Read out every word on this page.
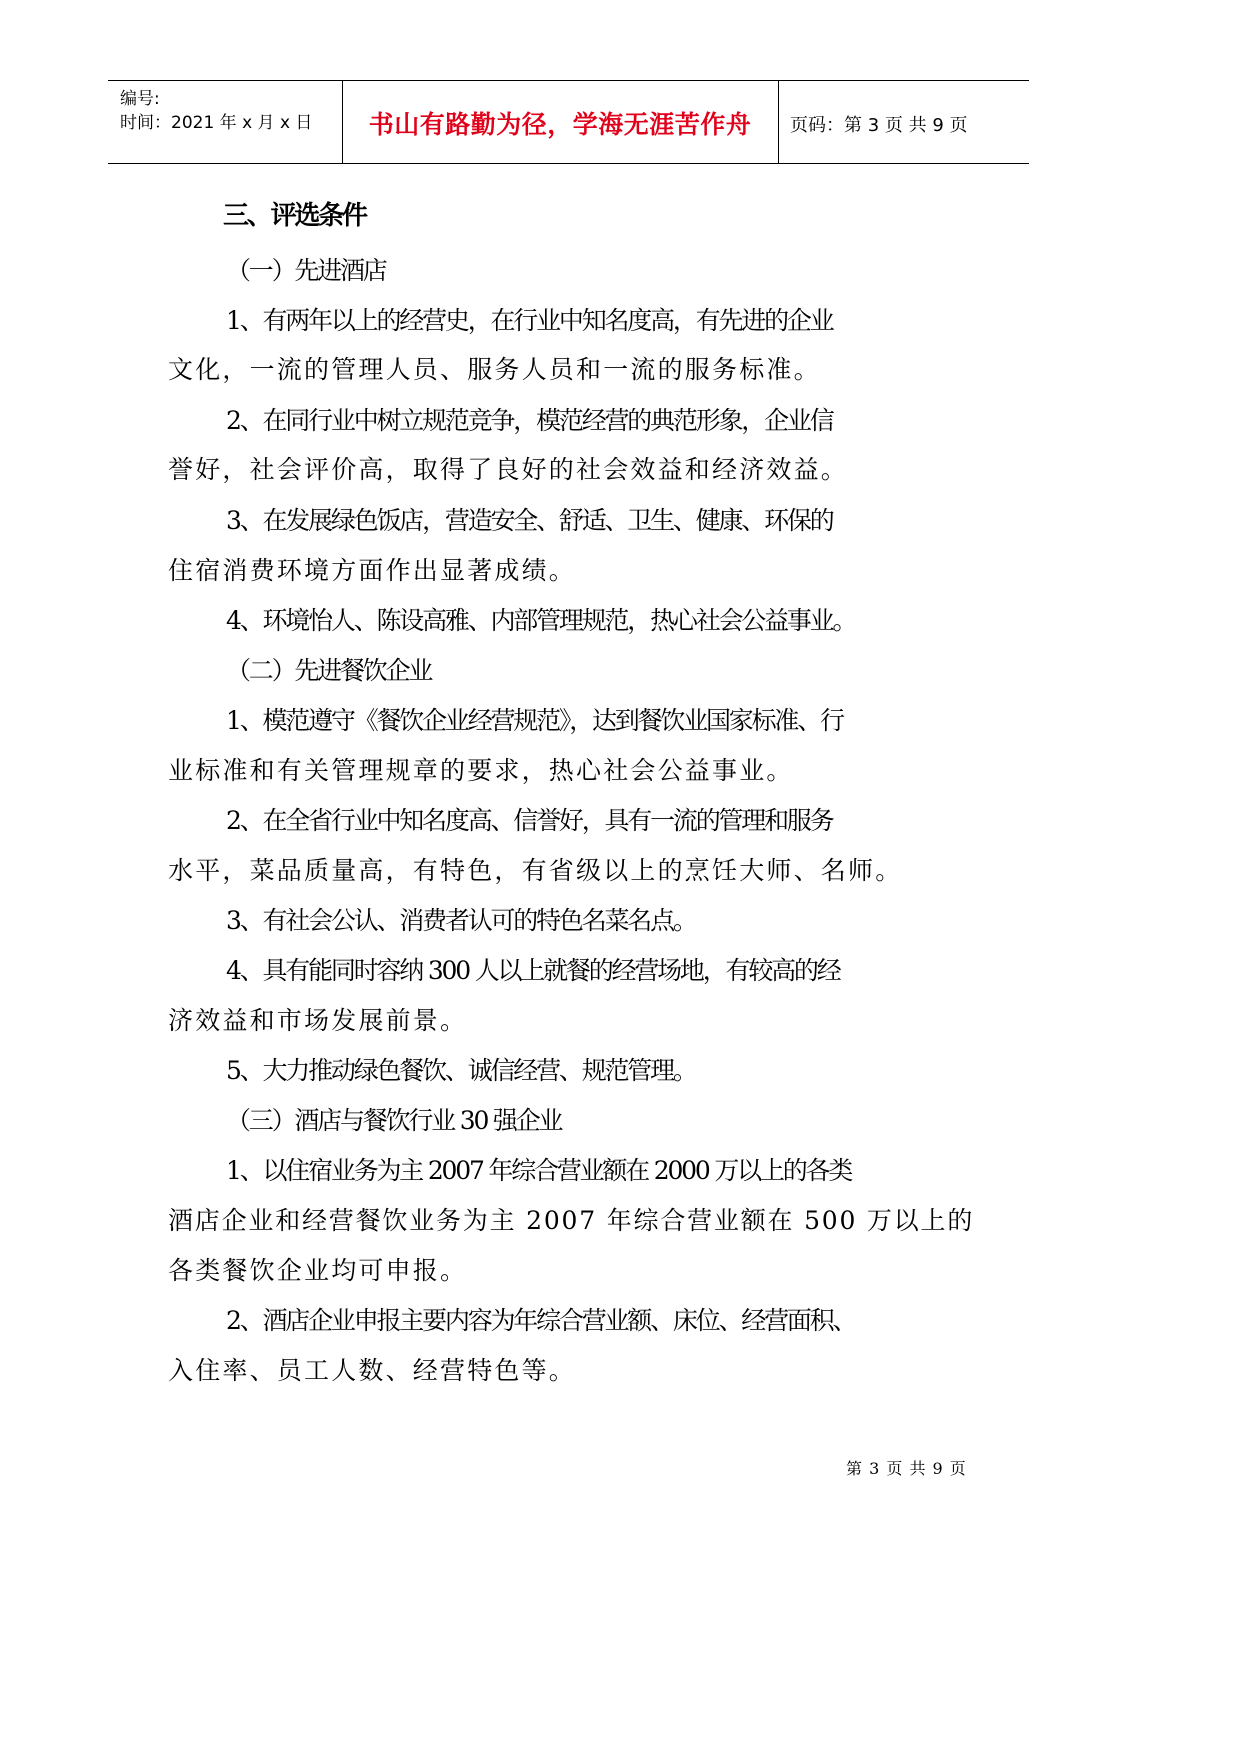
编号:
时间：2021 年 x 月 x 日	书山有路勤为径，学海无涯苦作舟	页码：第 3 页 共 9 页
三、评选条件
（一）先进酒店
1、有两年以上的经营史，在行业中知名度高，有先进的企业
文化，一流的管理人员、服务人员和一流的服务标准。
2、在同行业中树立规范竞争，模范经营的典范形象，企业信
誉好，社会评价高，取得了良好的社会效益和经济效益。
3、在发展绿色饭店，营造安全、舒适、卫生、健康、环保的
住宿消费环境方面作出显著成绩。
4、环境怡人、陈设高雅、内部管理规范，热心社会公益事业。
（二）先进餐饮企业
1、模范遵守《餐饮企业经营规范》，达到餐饮业国家标准、行
业标准和有关管理规章的要求，热心社会公益事业。
2、在全省行业中知名度高、信誉好，具有一流的管理和服务
水平，菜品质量高，有特色，有省级以上的烹饪大师、名师。
3、有社会公认、消费者认可的特色名菜名点。
4、具有能同时容纳 300 人以上就餐的经营场地，有较高的经
济效益和市场发展前景。
5、大力推动绿色餐饮、诚信经营、规范管理。
（三）酒店与餐饮行业 30 强企业
1、以住宿业务为主 2007 年综合营业额在 2000 万以上的各类
酒店企业和经营餐饮业务为主 2007 年综合营业额在 500 万以上的
各类餐饮企业均可申报。
2、酒店企业申报主要内容为年综合营业额、床位、经营面积、
入住率、员工人数、经营特色等。
第 3 页 共 9 页
